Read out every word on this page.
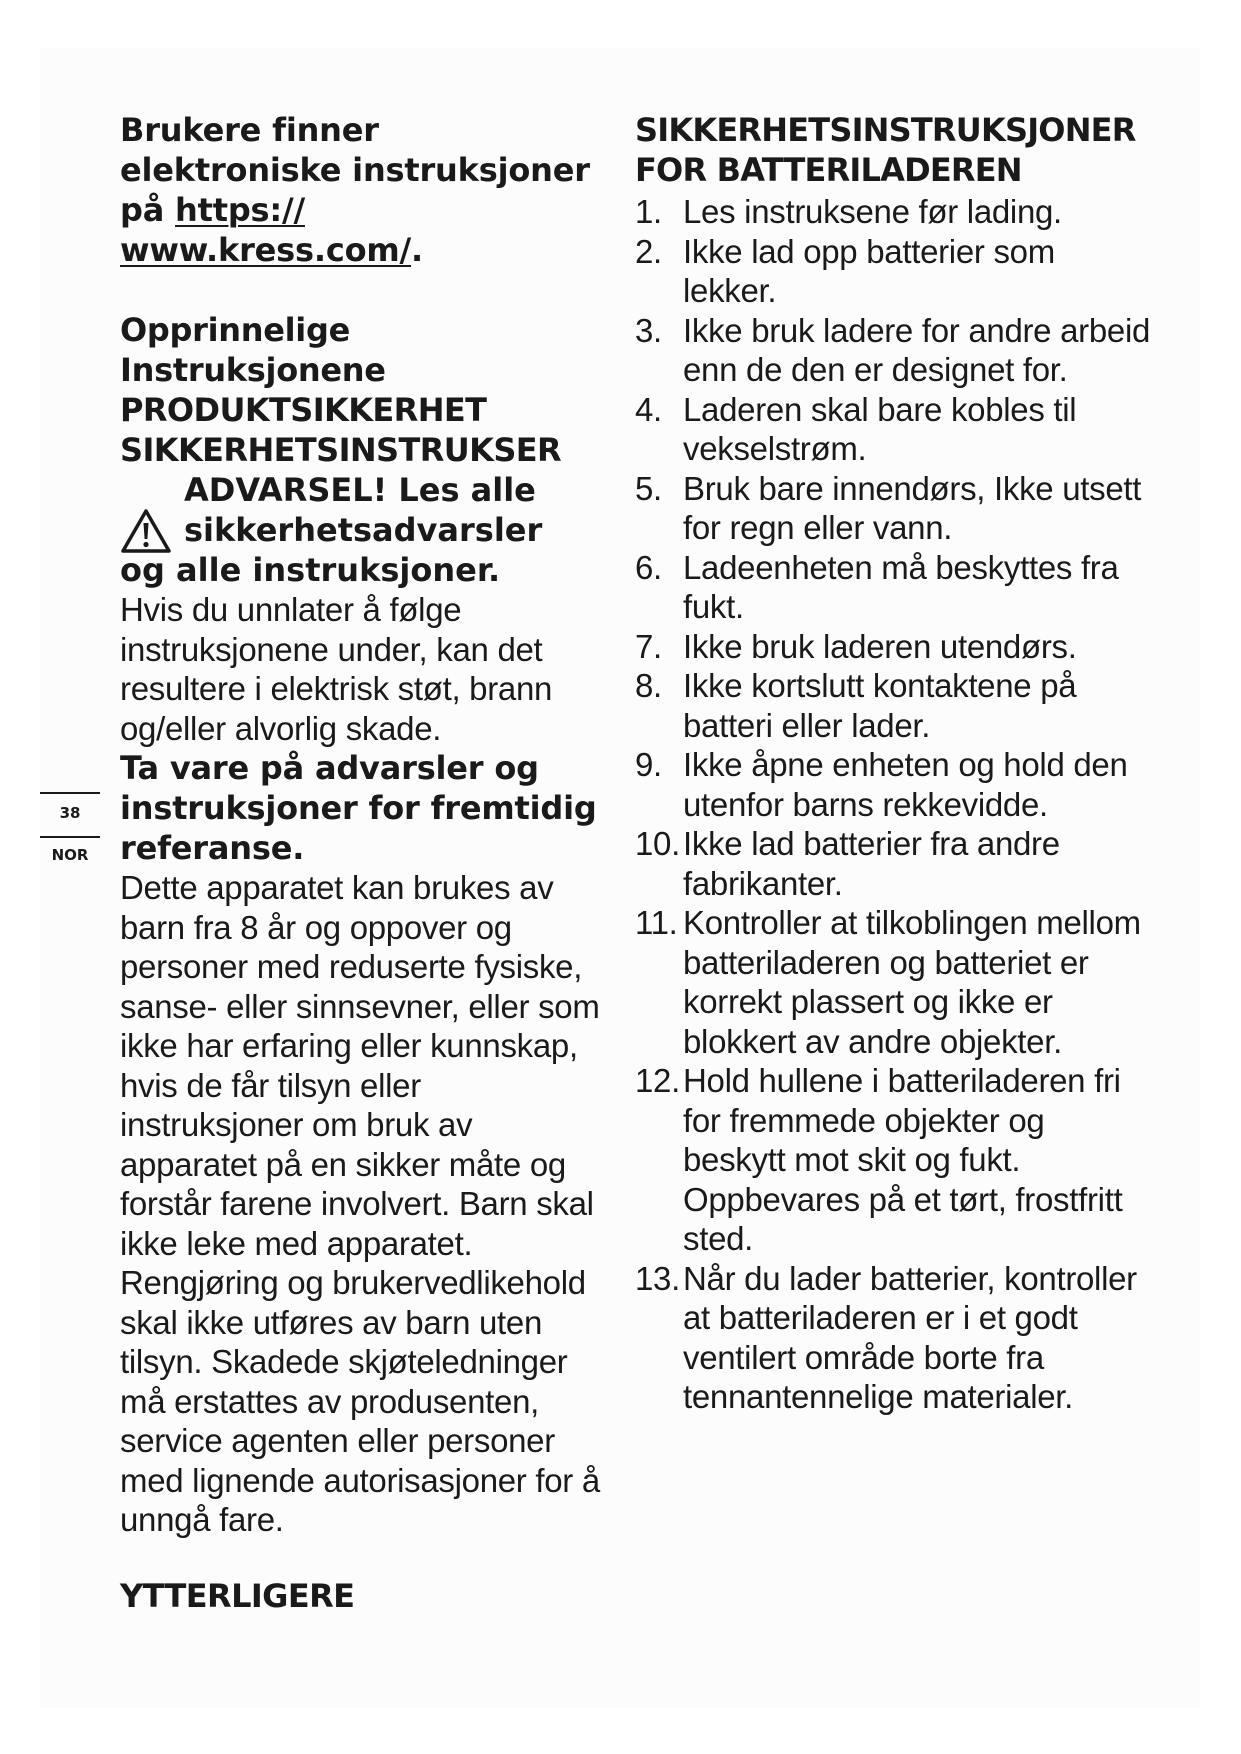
38
NOR

Brukere finner elektroniske instruksjoner på https:// www.kress.com/.

Opprinnelige
Instruksjonene

PRODUKTSIKKERHET

SIKKERHETSINSTRUKSER

ADVARSEL! Les alle
sikkerhetsadvarsler
og alle instruksjoner.

Hvis du unnlater å følge instruksjonene under, kan det resultere i elektrisk støt, brann og/eller alvorlig skade.

Ta vare på advarsler og instruksjoner for fremtidig referanse.

Dette apparatet kan brukes av barn fra 8 år og oppover og personer med reduserte fysiske, sanse- eller sinnsevner, eller som ikke har erfaring eller kunnskap, hvis de får tilsyn eller instruksjoner om bruk av apparatet på en sikker måte og forstår farene involvert. Barn skal ikke leke med apparatet. Rengjøring og brukervedlikehold skal ikke utføres av barn uten tilsyn. Skadede skjøteledninger må erstattes av produsenten, service agenten eller personer med lignende autorisasjoner for å unngå fare.

YTTERLIGERE

SIKKERHETSINSTRUKSJONER FOR BATTERILADEREN

1. Les instruksene før lading.
2. Ikke lad opp batterier som lekker.
3. Ikke bruk ladere for andre arbeid enn de den er designet for.
4. Laderen skal bare kobles til vekselstrøm.
5. Bruk bare innendørs, Ikke utsett for regn eller vann.
6. Ladeenheten må beskyttes fra fukt.
7. Ikke bruk laderen utendørs.
8. Ikke kortslutt kontaktene på batteri eller lader.
9. Ikke åpne enheten og hold den utenfor barns rekkevidde.
10. Ikke lad batterier fra andre fabrikanter.
11. Kontroller at tilkoblingen mellom batteriladeren og batteriet er korrekt plassert og ikke er blokkert av andre objekter.
12. Hold hullene i batteriladeren fri for fremmede objekter og beskytt mot skit og fukt. Oppbevares på et tørt, frostfritt sted.
13. Når du lader batterier, kontroller at batteriladeren er i et godt ventilert område borte fra tennantennelige materialer.
